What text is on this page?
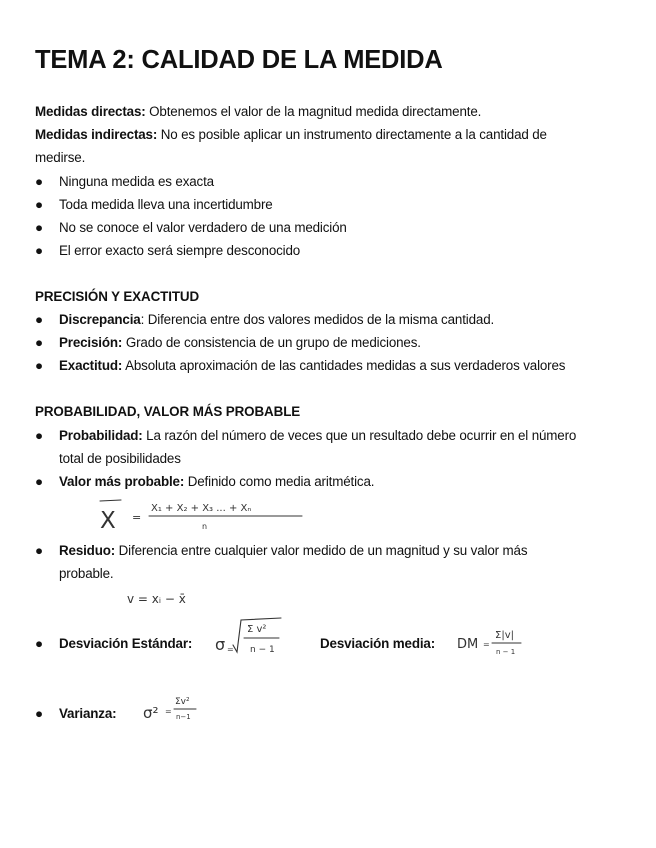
TEMA 2: CALIDAD DE LA MEDIDA
Medidas directas: Obtenemos el valor de la magnitud medida directamente.
Medidas indirectas: No es posible aplicar un instrumento directamente a la cantidad de
medirse.
● Ninguna medida es exacta
● Toda medida lleva una incertidumbre
● No se conoce el valor verdadero de una medición
● El error exacto será siempre desconocido
PRECISIÓN Y EXACTITUD
● Discrepancia: Diferencia entre dos valores medidos de la misma cantidad.
● Precisión: Grado de consistencia de un grupo de mediciones.
● Exactitud: Absoluta aproximación de las cantidades medidas a sus verdaderos valores
PROBABILIDAD, VALOR MÁS PROBABLE
● Probabilidad: La razón del número de veces que un resultado debe ocurrir en el número
total de posibilidades
● Valor más probable: Definido como media aritmética.
X =
X₁ + X₂ + X₃ ... + Xₙ
n
● Residuo: Diferencia entre cualquier valor medido de un magnitud y su valor más
probable.
v = xᵢ − x̄
● Desviación Estándar:	σ =
Σ v²
n − 1	Desviación media: DM =
Σ|v|
n − 1
● Varianza:	σ² =
Σv²
n−1
